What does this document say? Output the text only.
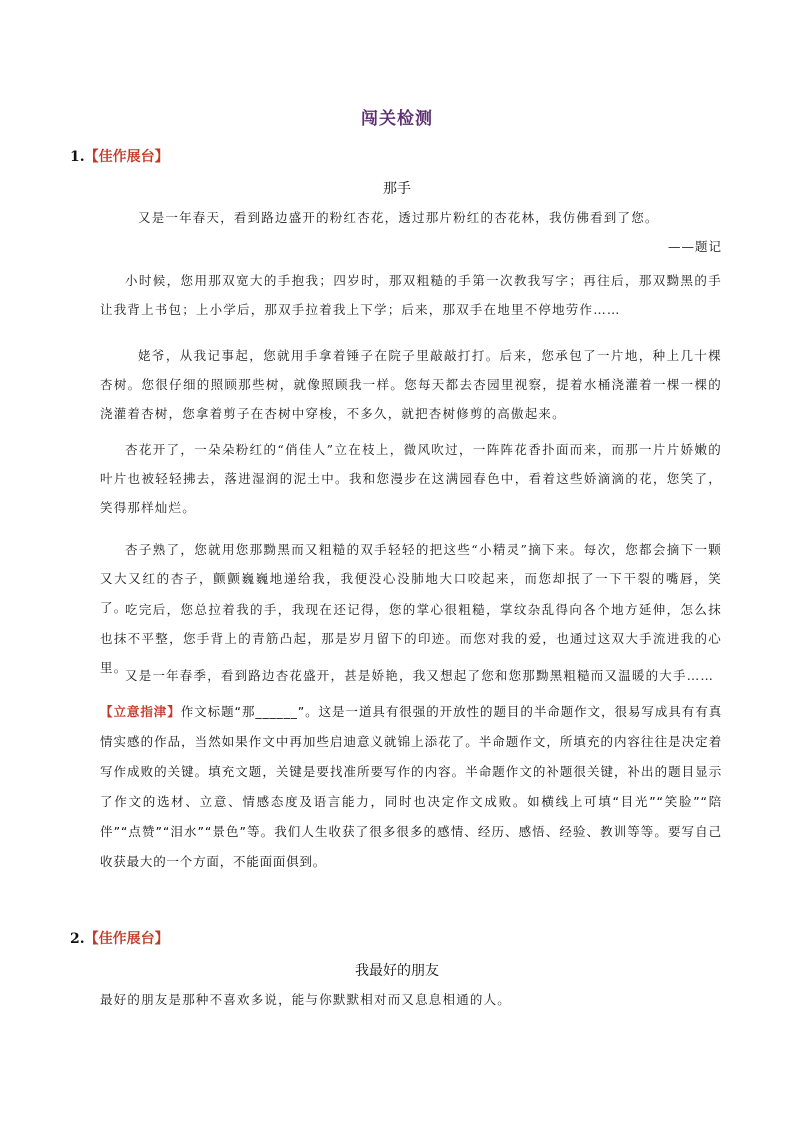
闯关检测
1.【佳作展台】
那手
又是一年春天，看到路边盛开的粉红杏花，透过那片粉红的杏花林，我仿佛看到了您。
——题记
小时候，您用那双宽大的手抱我；四岁时，那双粗糙的手第一次教我写字；再往后，那双黝黑的手让我背上书包；上小学后，那双手拉着我上下学；后来，那双手在地里不停地劳作……
姥爷，从我记事起，您就用手拿着锤子在院子里敲敲打打。后来，您承包了一片地，种上几十棵杏树。您很仔细的照顾那些树，就像照顾我一样。您每天都去杏园里视察，提着水桶浇灌着一棵一棵的浇灌着杏树，您拿着剪子在杏树中穿梭，不多久，就把杏树修剪的高傲起来。
杏花开了，一朵朵粉红的“俏佳人”立在枝上，微风吹过，一阵阵花香扑面而来，而那一片片娇嫩的叶片也被轻轻拂去，落进湿润的泥土中。我和您漫步在这满园春色中，看着这些娇滴滴的花，您笑了，笑得那样灿烂。
杏子熟了，您就用您那黝黑而又粗糙的双手轻轻的把这些“小精灵”摘下来。每次，您都会摘下一颗又大又红的杏子，颤颤巍巍地递给我，我便没心没肺地大口咬起来，而您却抿了一下干裂的嘴唇，笑了。
吃完后，您总拉着我的手，我现在还记得，您的掌心很粗糙，掌纹杂乱得向各个地方延伸，怎么抹也抹不平整，您手背上的青筋凸起，那是岁月留下的印迹。而您对我的爱，也通过这双大手流进我的心里。
又是一年春季，看到路边杏花盛开，甚是娇艳，我又想起了您和您那黝黑粗糙而又温暖的大手……
【立意指津】作文标题“那______”。这是一道具有很强的开放性的题目的半命题作文，很易写成具有有真情实感的作品，当然如果作文中再加些启迪意义就锦上添花了。半命题作文，所填充的内容往往是决定着写作成败的关键。填充文题，关键是要找准所要写作的内容。半命题作文的补题很关键，补出的题目显示了作文的选材、立意、情感态度及语言能力，同时也决定作文成败。如横线上可填“目光”“笑脸”“陪伴”“点赞”“泪水”“景色”等。我们人生收获了很多很多的感情、经历、感悟、经验、教训等等。要写自己收获最大的一个方面，不能面面俱到。
2.【佳作展台】
我最好的朋友
最好的朋友是那种不喜欢多说，能与你默默相对而又息息相通的人。
